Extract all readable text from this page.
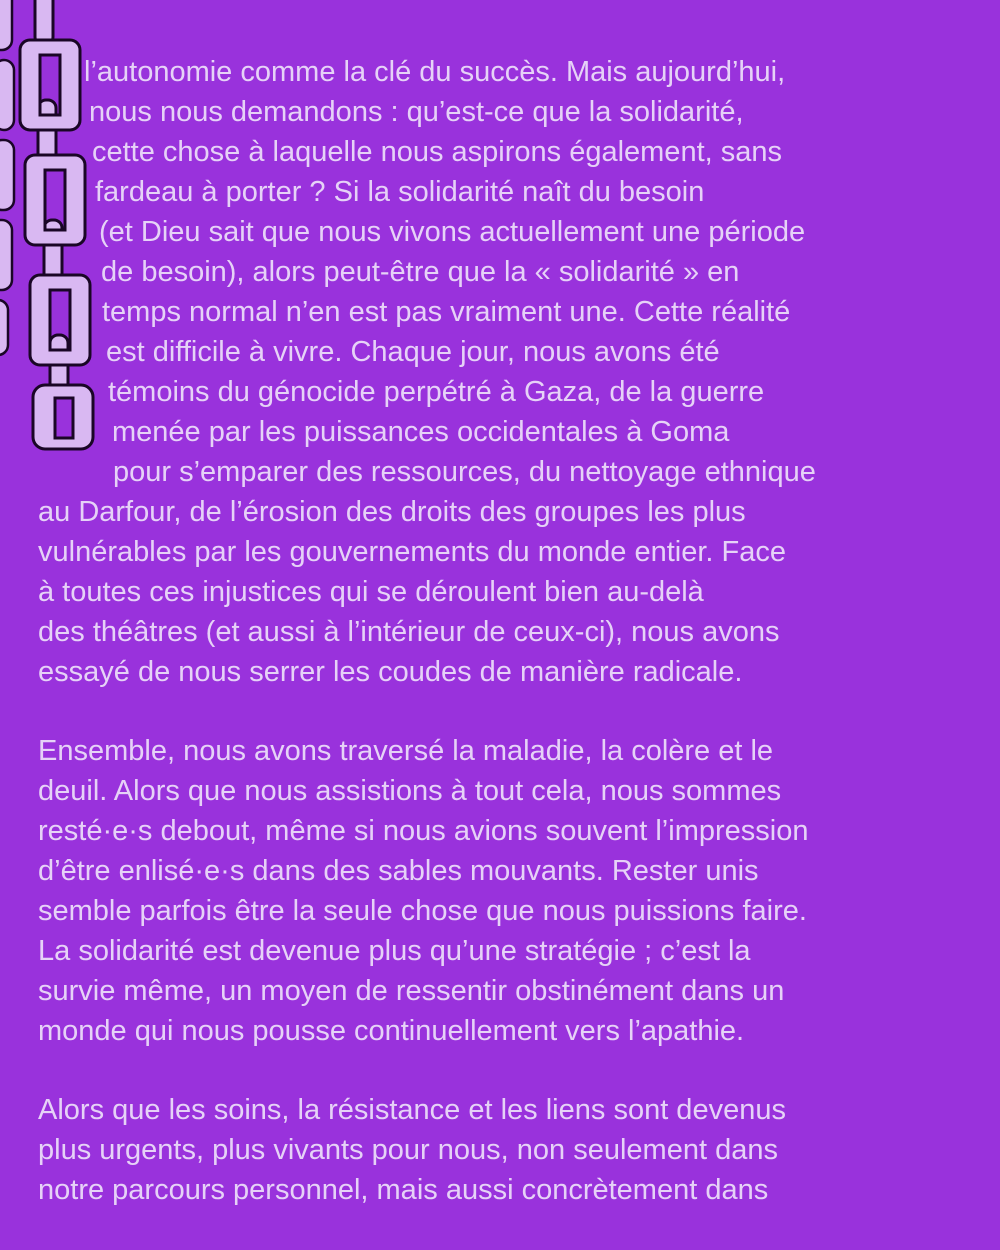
l’autonomie comme la clé du succès. Mais aujourd’hui,
nous nous demandons : qu’est-ce que la solidarité,
cette chose à laquelle nous aspirons également, sans
fardeau à porter ? Si la solidarité naît du besoin
(et Dieu sait que nous vivons actuellement une période
de besoin), alors peut-être que la « solidarité » en
temps normal n’en est pas vraiment une. Cette réalité
est difficile à vivre. Chaque jour, nous avons été
témoins du génocide perpétré à Gaza, de la guerre
menée par les puissances occidentales à Goma
pour s’emparer des ressources, du nettoyage ethnique
au Darfour, de l’érosion des droits des groupes les plus
vulnérables par les gouvernements du monde entier. Face
à toutes ces injustices qui se déroulent bien au-delà
des théâtres (et aussi à l’intérieur de ceux-ci), nous avons
essayé de nous serrer les coudes de manière radicale.
Ensemble, nous avons traversé la maladie, la colère et le
deuil. Alors que nous assistions à tout cela, nous sommes
resté·e·s debout, même si nous avions souvent l’impression
d’être enlisé·e·s dans des sables mouvants. Rester unis
semble parfois être la seule chose que nous puissions faire.
La solidarité est devenue plus qu’une stratégie ; c’est la
survie même, un moyen de ressentir obstinément dans un
monde qui nous pousse continuellement vers l’apathie.
Alors que les soins, la résistance et les liens sont devenus
plus urgents, plus vivants pour nous, non seulement dans
notre parcours personnel, mais aussi concrètement dans
